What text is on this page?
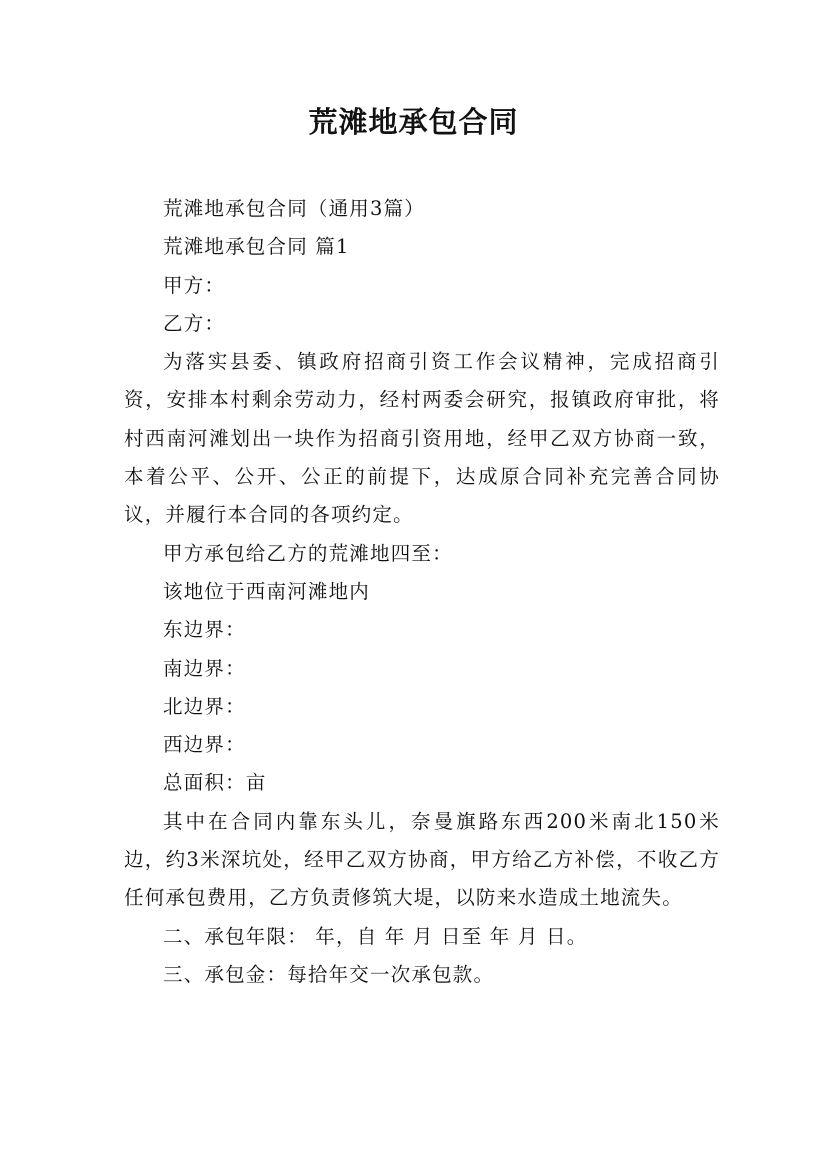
荒滩地承包合同

荒滩地承包合同（通用3篇）

荒滩地承包合同 篇1

甲方：

乙方：

为落实县委、镇政府招商引资工作会议精神，完成招商引资，安排本村剩余劳动力，经村两委会研究，报镇政府审批，将村西南河滩划出一块作为招商引资用地，经甲乙双方协商一致，本着公平、公开、公正的前提下，达成原合同补充完善合同协议，并履行本合同的各项约定。

甲方承包给乙方的荒滩地四至：

该地位于西南河滩地内

东边界：

南边界：

北边界：

西边界：

总面积：亩

其中在合同内靠东头儿，奈曼旗路东西200米南北150米边，约3米深坑处，经甲乙双方协商，甲方给乙方补偿，不收乙方任何承包费用，乙方负责修筑大堤，以防来水造成土地流失。

二、承包年限： 年，自 年 月 日至 年 月 日。

三、承包金：每拾年交一次承包款。
